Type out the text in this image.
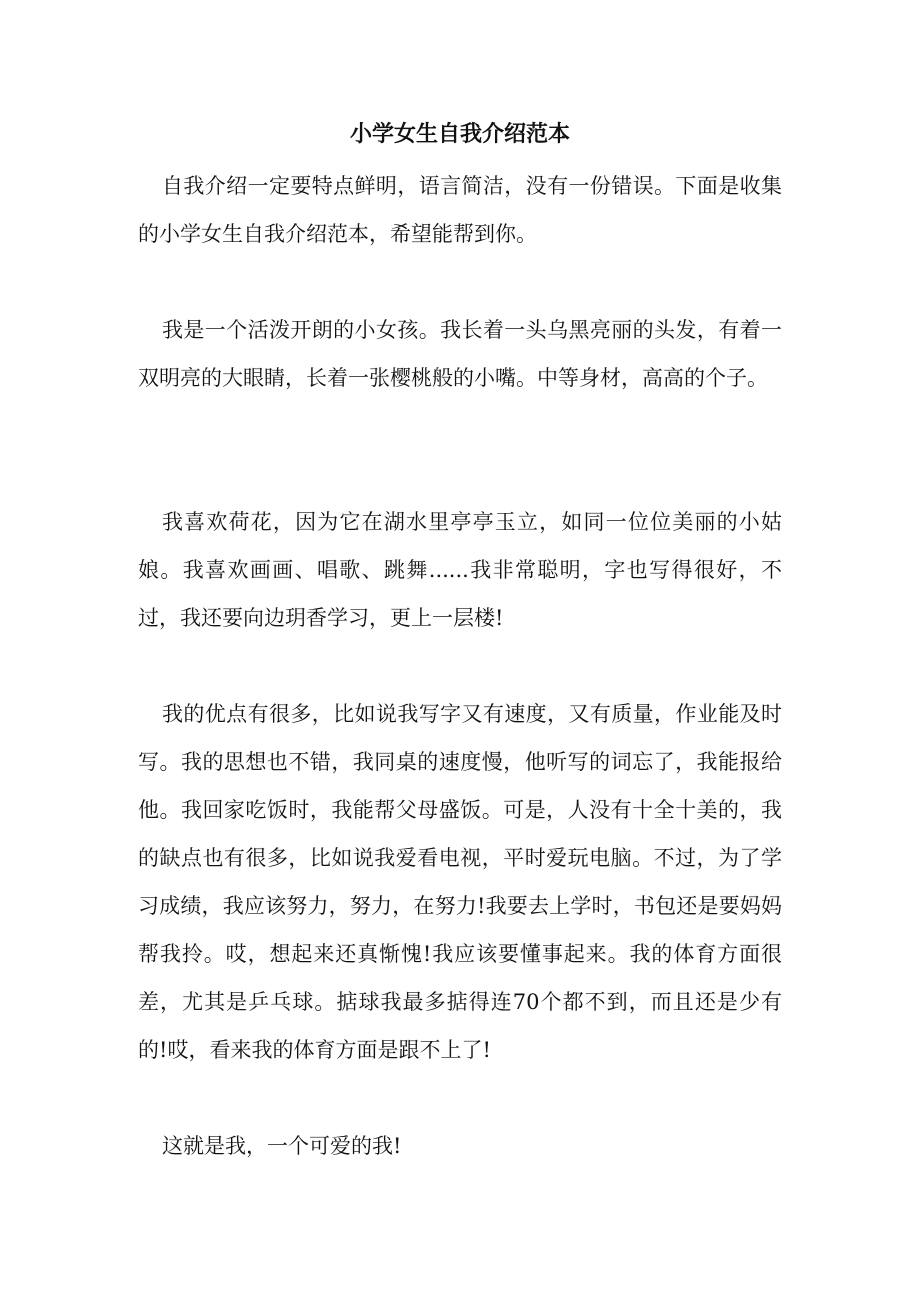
小学女生自我介绍范本

自我介绍一定要特点鲜明，语言简洁，没有一份错误。下面是收集的小学女生自我介绍范本，希望能帮到你。

我是一个活泼开朗的小女孩。我长着一头乌黑亮丽的头发，有着一双明亮的大眼睛，长着一张樱桃般的小嘴。中等身材，高高的个子。

我喜欢荷花，因为它在湖水里亭亭玉立，如同一位位美丽的小姑娘。我喜欢画画、唱歌、跳舞......我非常聪明，字也写得很好，不过，我还要向边玥香学习，更上一层楼!

我的优点有很多，比如说我写字又有速度，又有质量，作业能及时写。我的思想也不错，我同桌的速度慢，他听写的词忘了，我能报给他。我回家吃饭时，我能帮父母盛饭。可是，人没有十全十美的，我的缺点也有很多，比如说我爱看电视，平时爱玩电脑。不过，为了学习成绩，我应该努力，努力，在努力!我要去上学时，书包还是要妈妈帮我拎。哎，想起来还真惭愧!我应该要懂事起来。我的体育方面很差，尤其是乒乓球。掂球我最多掂得连70个都不到，而且还是少有的!哎，看来我的体育方面是跟不上了!

这就是我，一个可爱的我!
